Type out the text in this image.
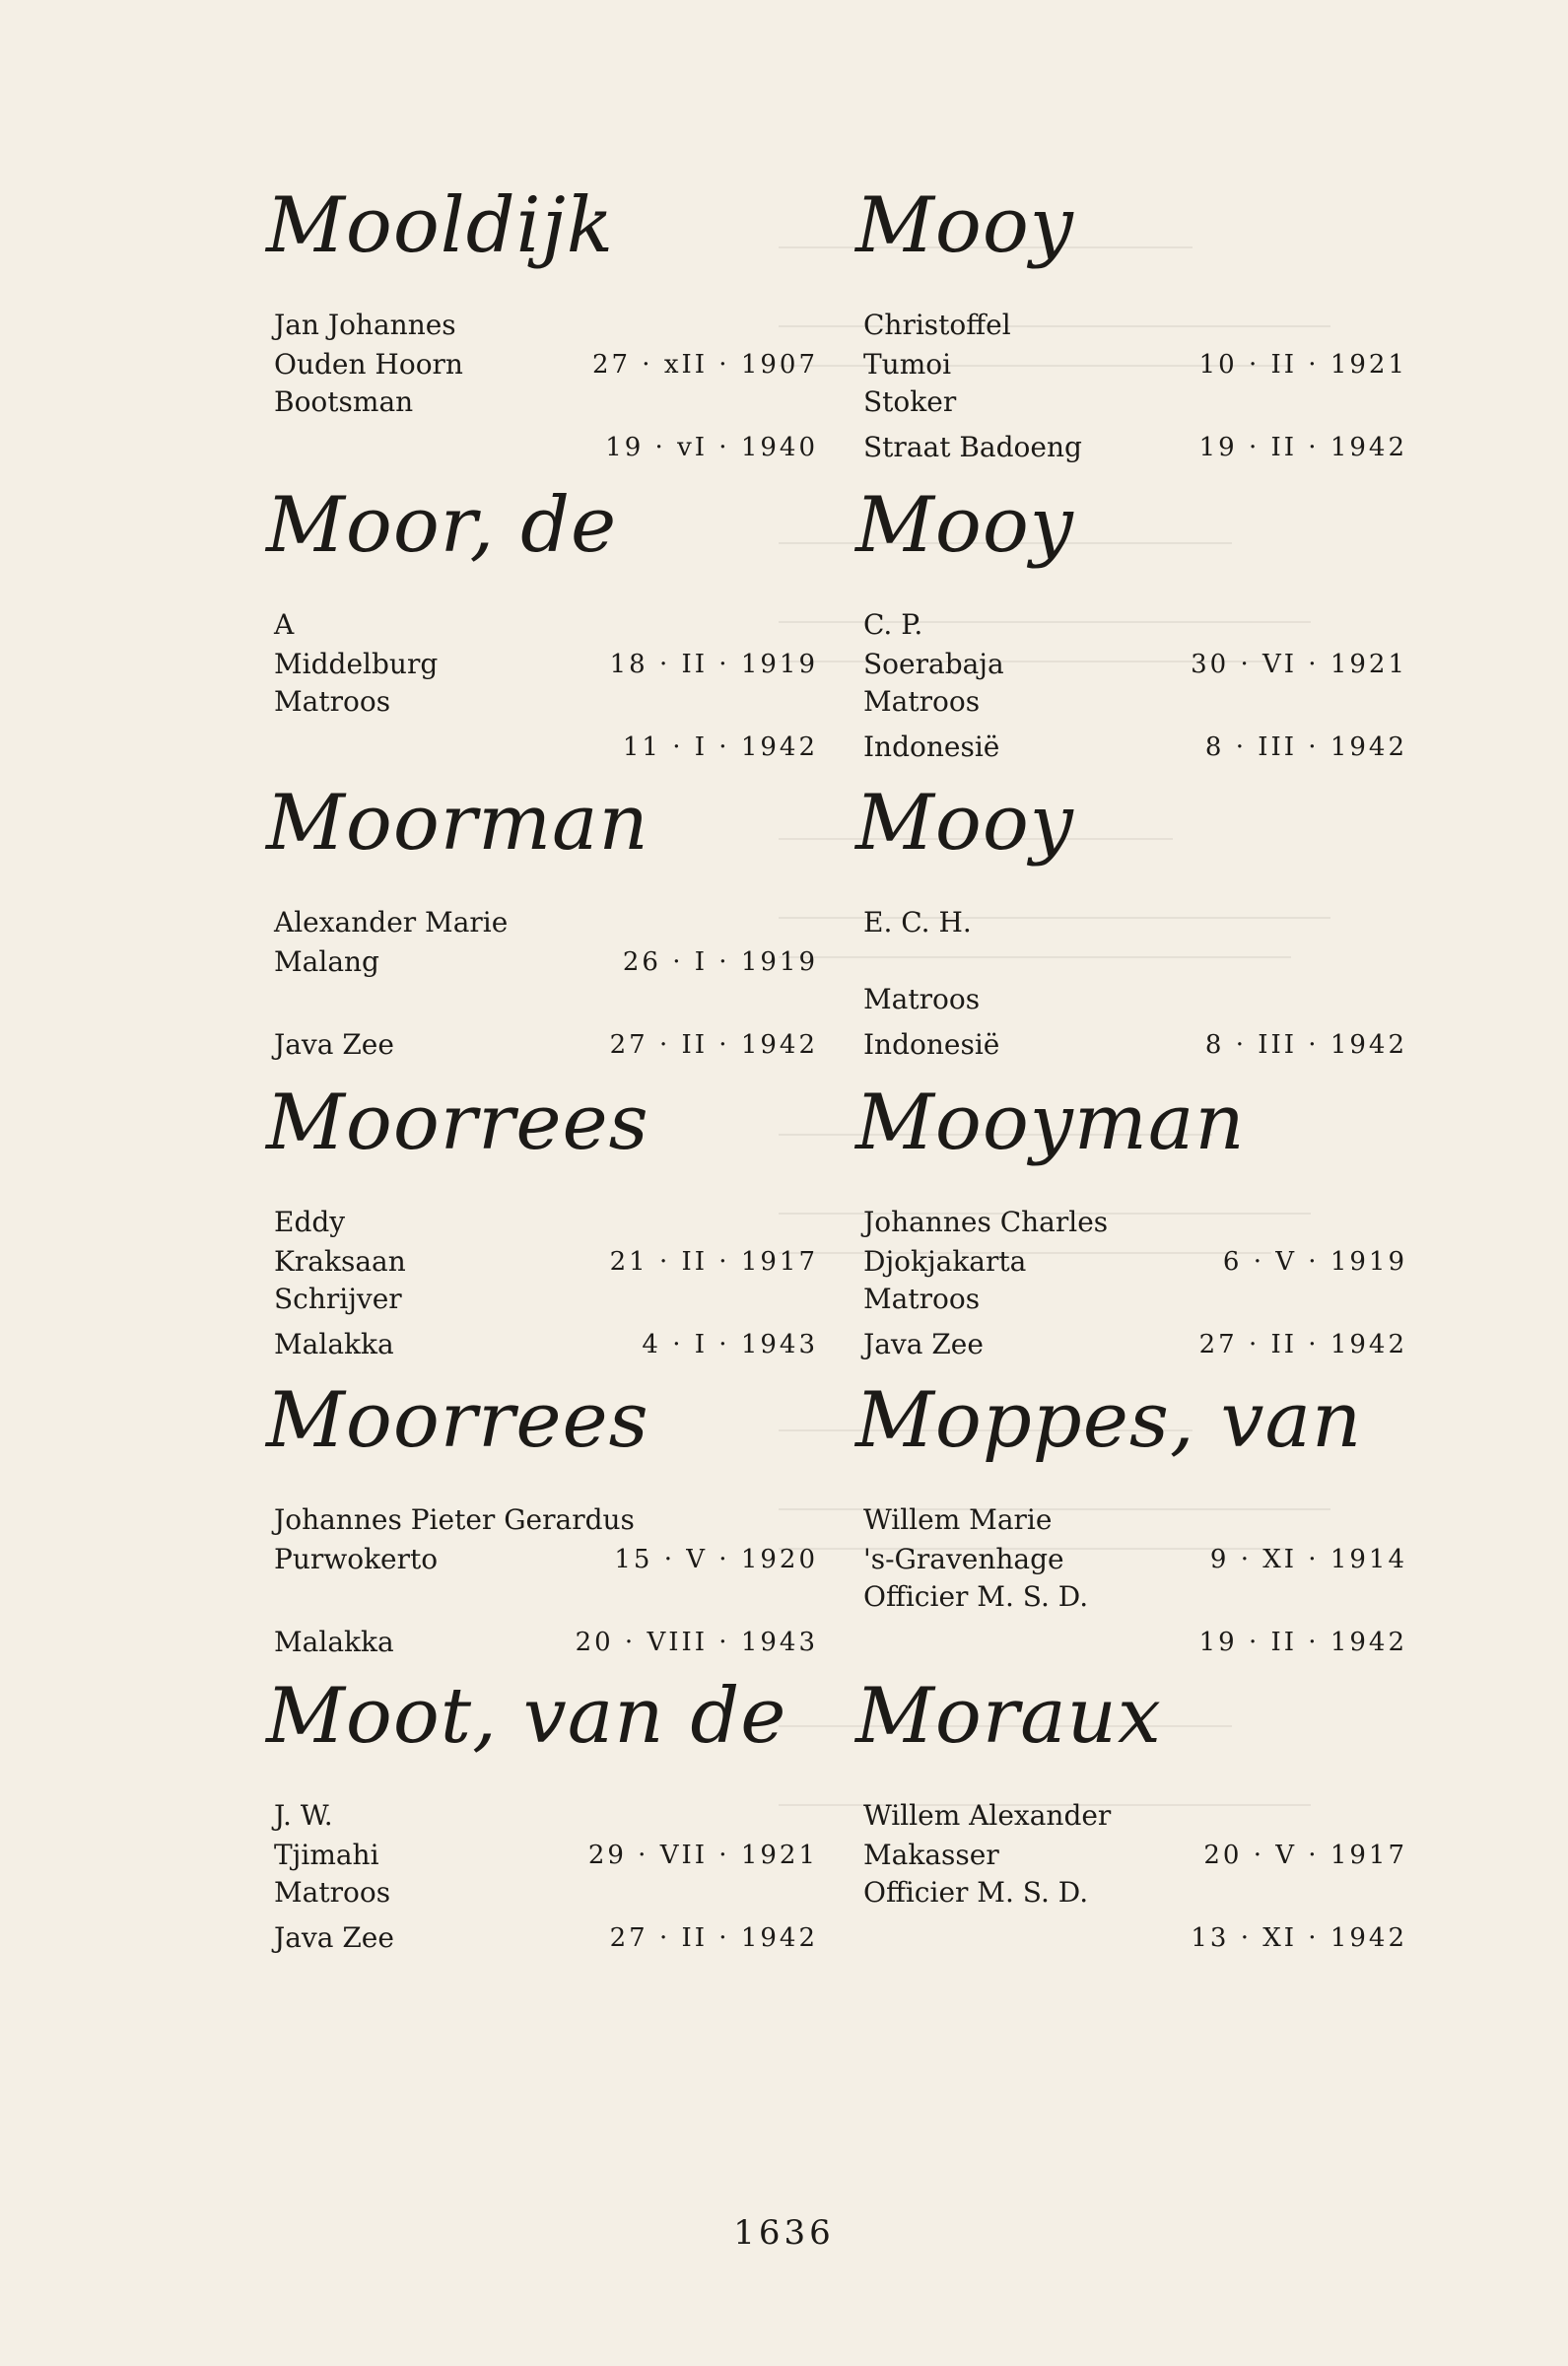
Mooldijk
Jan Johannes
Ouden Hoorn	27 · xII · 1907
Bootsman
19 · vI · 1940
Moor, de
A
Middelburg	18 · II · 1919
Matroos
11 · I · 1942
Moorman
Alexander Marie
Malang	26 · I · 1919
Java Zee	27 · II · 1942
Moorrees
Eddy
Kraksaan	21 · II · 1917
Schrijver
Malakka	4 · I · 1943
Moorrees
Johannes Pieter Gerardus
Purwokerto	15 · V · 1920
Malakka	20 · VIII · 1943
Moot, van de
J. W.
Tjimahi	29 · VII · 1921
Matroos
Java Zee	27 · II · 1942
Mooy
Christoffel
Tumoi	10 · II · 1921
Stoker
Straat Badoeng	19 · II · 1942
Mooy
C. P.
Soerabaja	30 · VI · 1921
Matroos
Indonesië	8 · III · 1942
Mooy
E. C. H.
Matroos
Indonesië	8 · III · 1942
Mooyman
Johannes Charles
Djokjakarta	6 · V · 1919
Matroos
Java Zee	27 · II · 1942
Moppes, van
Willem Marie
's-Gravenhage	9 · XI · 1914
Officier M. S. D.
19 · II · 1942
Moraux
Willem Alexander
Makasser	20 · V · 1917
Officier M. S. D.
13 · XI · 1942
1636
